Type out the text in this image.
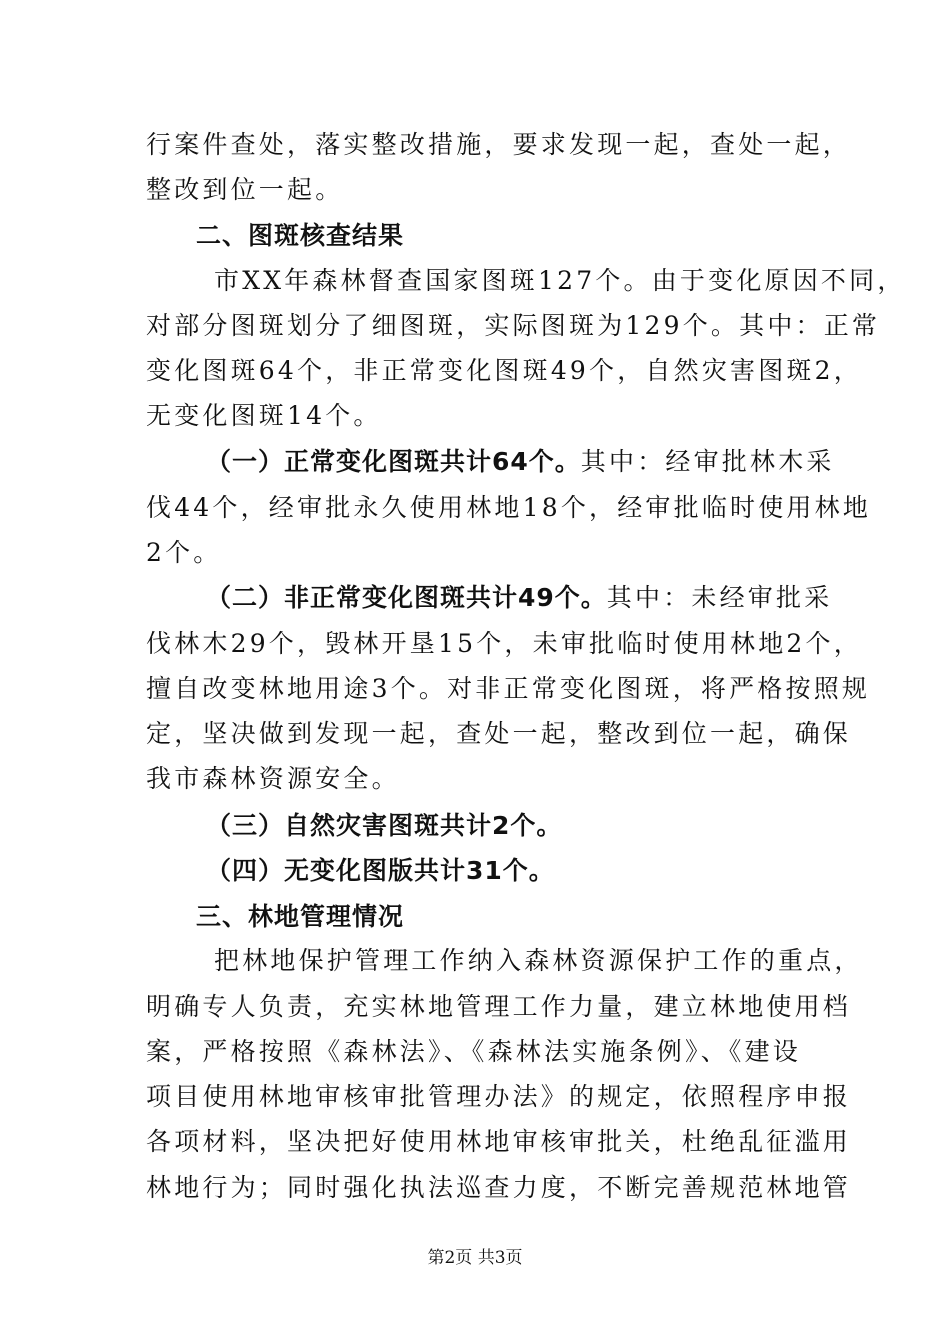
行案件查处，落实整改措施，要求发现一起，查处一起，
整改到位一起。
二、图斑核查结果
市XX年森林督查国家图斑127个。由于变化原因不同，
对部分图斑划分了细图斑，实际图斑为129个。其中：正常
变化图斑64个，非正常变化图斑49个，自然灾害图斑2，
无变化图斑14个。
（一）正常变化图斑共计64个。其中：经审批林木采
伐44个，经审批永久使用林地18个，经审批临时使用林地
2个。
（二）非正常变化图斑共计49个。其中：未经审批采
伐林木29个，毁林开垦15个，未审批临时使用林地2个，
擅自改变林地用途3个。对非正常变化图斑，将严格按照规
定，坚决做到发现一起，查处一起，整改到位一起，确保
我市森林资源安全。
（三）自然灾害图斑共计2个。
（四）无变化图版共计31个。
三、林地管理情况
把林地保护管理工作纳入森林资源保护工作的重点，
明确专人负责，充实林地管理工作力量，建立林地使用档
案，严格按照《森林法》、《森林法实施条例》、《建设
项目使用林地审核审批管理办法》的规定，依照程序申报
各项材料，坚决把好使用林地审核审批关，杜绝乱征滥用
林地行为；同时强化执法巡查力度，不断完善规范林地管
第2页 共3页
